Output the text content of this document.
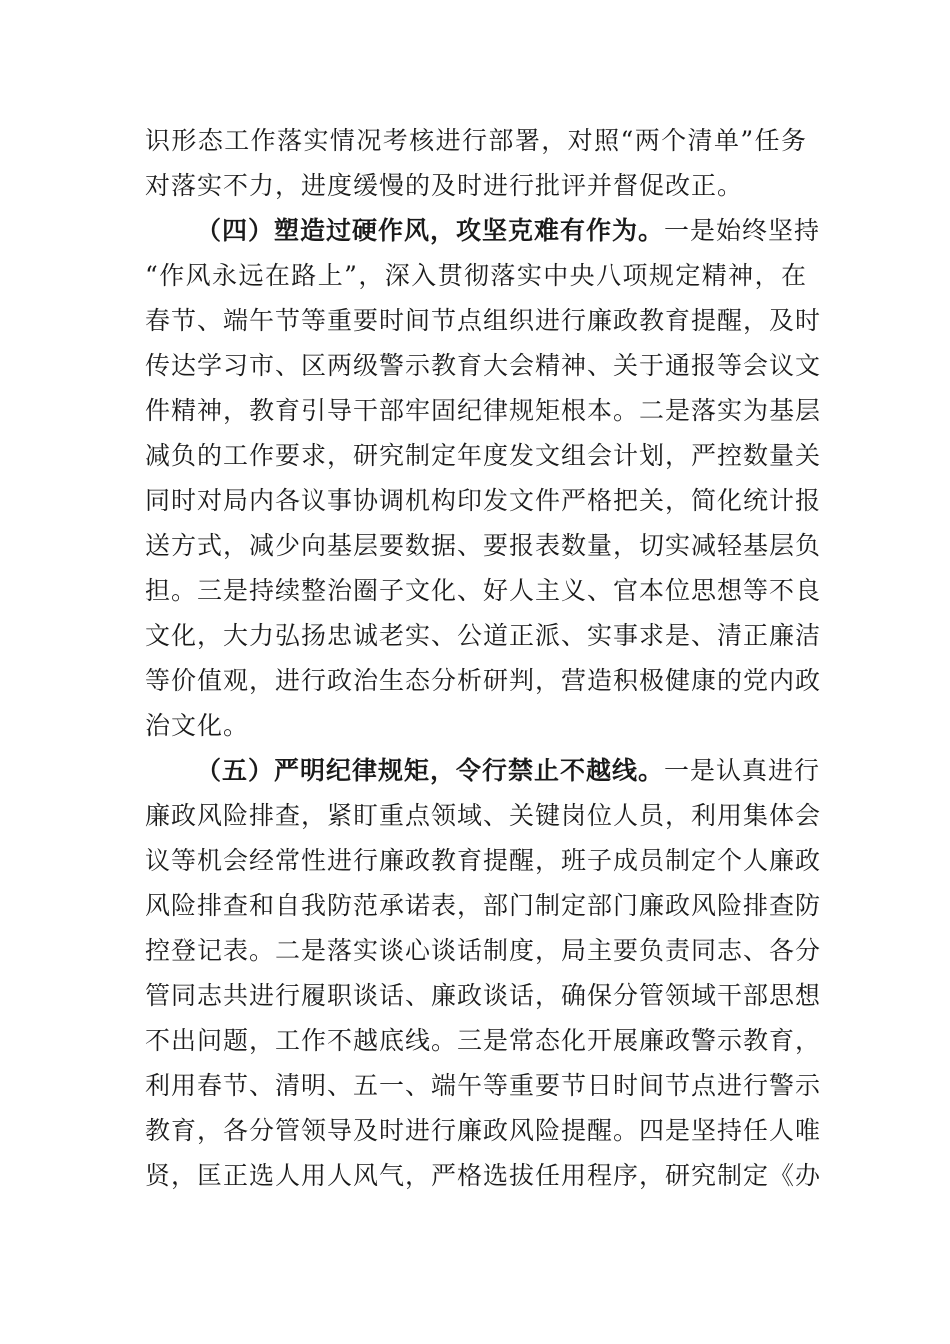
识形态工作落实情况考核进行部署，对照“两个清单”任务
对落实不力，进度缓慢的及时进行批评并督促改正。
（四）塑造过硬作风，攻坚克难有作为。一是始终坚持
“作风永远在路上”，深入贯彻落实中央八项规定精神，在
春节、端午节等重要时间节点组织进行廉政教育提醒，及时
传达学习市、区两级警示教育大会精神、关于通报等会议文
件精神，教育引导干部牢固纪律规矩根本。二是落实为基层
减负的工作要求，研究制定年度发文组会计划，严控数量关
同时对局内各议事协调机构印发文件严格把关，简化统计报
送方式，减少向基层要数据、要报表数量，切实减轻基层负
担。三是持续整治圈子文化、好人主义、官本位思想等不良
文化，大力弘扬忠诚老实、公道正派、实事求是、清正廉洁
等价值观，进行政治生态分析研判，营造积极健康的党内政
治文化。
（五）严明纪律规矩，令行禁止不越线。一是认真进行
廉政风险排查，紧盯重点领域、关键岗位人员，利用集体会
议等机会经常性进行廉政教育提醒，班子成员制定个人廉政
风险排查和自我防范承诺表，部门制定部门廉政风险排查防
控登记表。二是落实谈心谈话制度，局主要负责同志、各分
管同志共进行履职谈话、廉政谈话，确保分管领域干部思想
不出问题，工作不越底线。三是常态化开展廉政警示教育，
利用春节、清明、五一、端午等重要节日时间节点进行警示
教育，各分管领导及时进行廉政风险提醒。四是坚持任人唯
贤，匡正选人用人风气，严格选拔任用程序，研究制定《办
